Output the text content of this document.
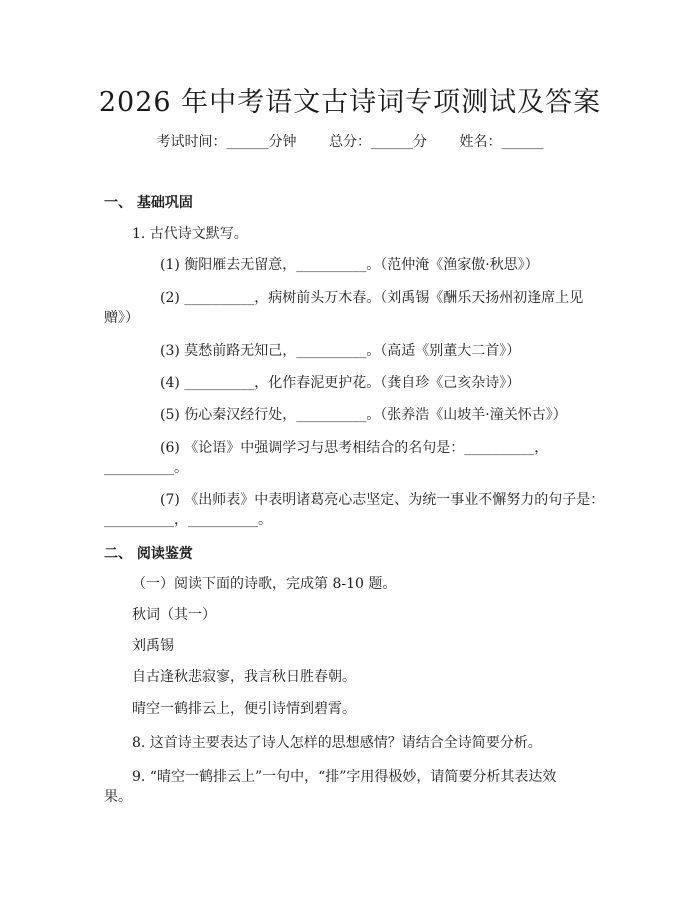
2026 年中考语文古诗词专项测试及答案
考试时间：______分钟 总分：______分 姓名：______
一、 基础巩固
1. 古代诗文默写。
(1) 衡阳雁去无留意，__________。（范仲淹《渔家傲·秋思》）
(2) __________，病树前头万木春。（刘禹锡《酬乐天扬州初逢席上见
赠》）
(3) 莫愁前路无知己，__________。（高适《别董大二首》）
(4) __________，化作春泥更护花。（龚自珍《己亥杂诗》）
(5) 伤心秦汉经行处，__________。（张养浩《山坡羊·潼关怀古》）
(6) 《论语》中强调学习与思考相结合的名句是：__________，
__________。
(7) 《出师表》中表明诸葛亮心志坚定、为统一事业不懈努力的句子是：
__________，__________。
二、 阅读鉴赏
（一）阅读下面的诗歌，完成第 8-10 题。
秋词（其一）
刘禹锡
自古逢秋悲寂寥，我言秋日胜春朝。
晴空一鹤排云上，便引诗情到碧霄。
8. 这首诗主要表达了诗人怎样的思想感情？请结合全诗简要分析。
9. “晴空一鹤排云上”一句中，“排”字用得极妙，请简要分析其表达效
果。
